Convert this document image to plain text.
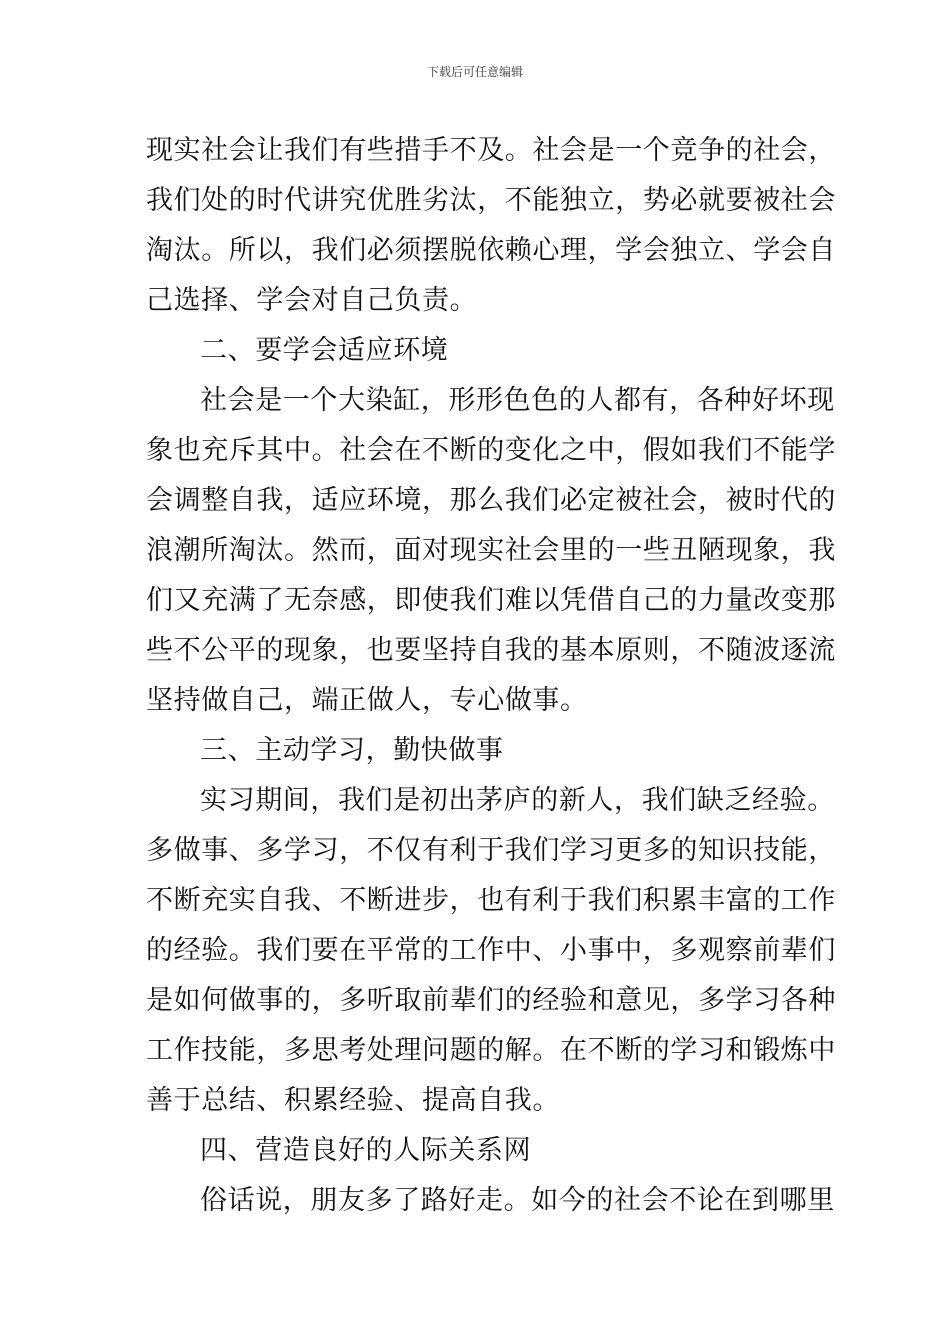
下载后可任意编辑
现实社会让我们有些措手不及。社会是一个竞争的社会，
我们处的时代讲究优胜劣汰，不能独立，势必就要被社会
淘汰。所以，我们必须摆脱依赖心理，学会独立、学会自
己选择、学会对自己负责。
二、要学会适应环境
社会是一个大染缸，形形色色的人都有，各种好坏现
象也充斥其中。社会在不断的变化之中，假如我们不能学
会调整自我，适应环境，那么我们必定被社会，被时代的
浪潮所淘汰。然而，面对现实社会里的一些丑陋现象，我
们又充满了无奈感，即使我们难以凭借自己的力量改变那
些不公平的现象，也要坚持自我的基本原则，不随波逐流
坚持做自己，端正做人，专心做事。
三、主动学习，勤快做事
实习期间，我们是初出茅庐的新人，我们缺乏经验。
多做事、多学习，不仅有利于我们学习更多的知识技能，
不断充实自我、不断进步，也有利于我们积累丰富的工作
的经验。我们要在平常的工作中、小事中，多观察前辈们
是如何做事的，多听取前辈们的经验和意见，多学习各种
工作技能，多思考处理问题的解。在不断的学习和锻炼中
善于总结、积累经验、提高自我。
四、营造良好的人际关系网
俗话说，朋友多了路好走。如今的社会不论在到哪里
